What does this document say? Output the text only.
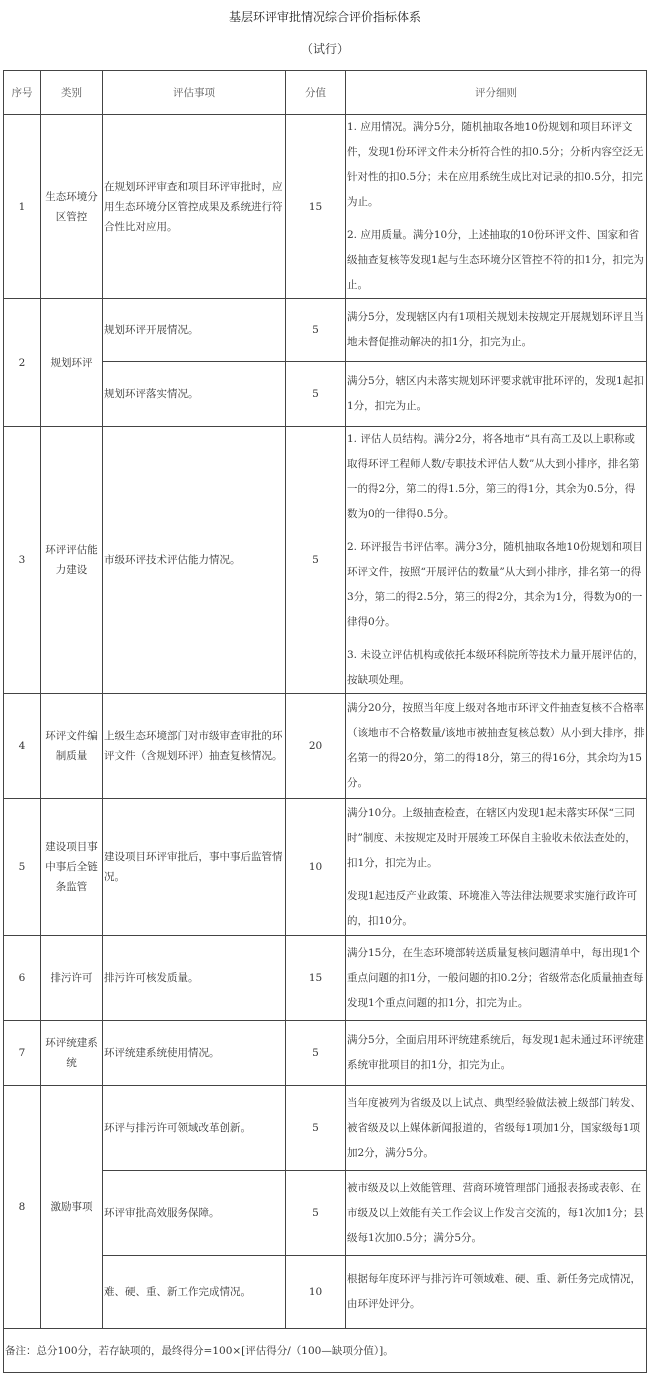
基层环评审批情况综合评价指标体系
（试行）
序号	类别	评估事项	分值	评分细则
1	生态环境分区管控	在规划环评审查和项目环评审批时，应用生态环境分区管控成果及系统进行符合性比对应用。	15	1. 应用情况。满分5分，随机抽取各地10份规划和项目环评文件，发现1份环评文件未分析符合性的扣0.5分；分析内容空泛无针对性的扣0.5分；未在应用系统生成比对记录的扣0.5分，扣完为止。

2. 应用质量。满分10分，上述抽取的10份环评文件、国家和省级抽查复核等发现1起与生态环境分区管控不符的扣1分，扣完为止。

2	规划环评	规划环评开展情况。	5	满分5分，发现辖区内有1项相关规划未按规定开展规划环评且当地未督促推动解决的扣1分，扣完为止。

		规划环评落实情况。	5	满分5分，辖区内未落实规划环评要求就审批环评的，发现1起扣1分，扣完为止。

3	环评评估能力建设	市级环评技术评估能力情况。	5	1. 评估人员结构。满分2分，将各地市“具有高工及以上职称或取得环评工程师人数/专职技术评估人数”从大到小排序，排名第一的得2分，第二的得1.5分，第三的得1分，其余为0.5分，得数为0的一律得0.5分。

2. 环评报告书评估率。满分3分，随机抽取各地10份规划和项目环评文件，按照“开展评估的数量”从大到小排序，排名第一的得3分，第二的得2.5分，第三的得2分，其余为1分，得数为0的一律得0分。

3. 未设立评估机构或依托本级环科院所等技术力量开展评估的，按缺项处理。

4	环评文件编制质量	上级生态环境部门对市级审查审批的环评文件（含规划环评）抽查复核情况。	20	满分20分，按照当年度上级对各地市环评文件抽查复核不合格率（该地市不合格数量/该地市被抽查复核总数）从小到大排序，排名第一的得20分，第二的得18分，第三的得16分，其余均为15分。

5	建设项目事中事后全链条监管	建设项目环评审批后，事中事后监管情况。	10	满分10分。上级抽查检查，在辖区内发现1起未落实环保“三同时”制度、未按规定及时开展竣工环保自主验收未依法查处的，扣1分，扣完为止。

发现1起违反产业政策、环境准入等法律法规要求实施行政许可的，扣10分。

6	排污许可	排污许可核发质量。	15	满分15分，在生态环境部转送质量复核问题清单中，每出现1个重点问题的扣1分，一般问题的扣0.2分；省级常态化质量抽查每发现1个重点问题的扣1分，扣完为止。

7	环评统建系统	环评统建系统使用情况。	5	满分5分，全面启用环评统建系统后，每发现1起未通过环评统建系统审批项目的扣1分，扣完为止。

8	激励事项	环评与排污许可领域改革创新。	5	当年度被列为省级及以上试点、典型经验做法被上级部门转发、被省级及以上媒体新闻报道的，省级每1项加1分，国家级每1项加2分，满分5分。

		环评审批高效服务保障。	5	被市级及以上效能管理、营商环境管理部门通报表扬或表彰、在市级及以上效能有关工作会议上作发言交流的，每1次加1分；县级每1次加0.5分；满分5分。

		难、硬、重、新工作完成情况。	10	根据每年度环评与排污许可领域难、硬、重、新任务完成情况，由环评处评分。

备注：总分100分，若存缺项的，最终得分=100×[评估得分/（100—缺项分值）]。				
